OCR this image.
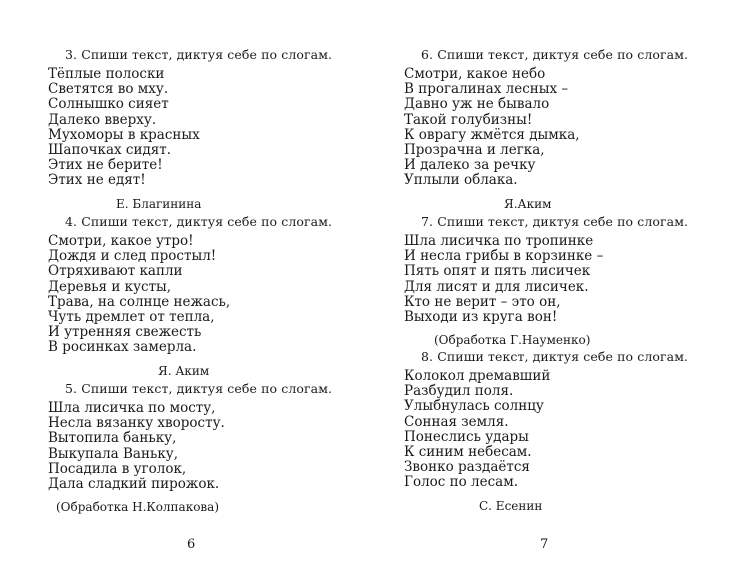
3. Спиши текст, диктуя себе по слогам.
Тёплые полоски
Светятся во мху.
Солнышко сияет
Далеко вверху.
Мухоморы в красных
Шапочках сидят.
Этих не берите!
Этих не едят!
Е. Благинина
4. Спиши текст, диктуя себе по слогам.
Смотри, какое утро!
Дождя и след простыл!
Отряхивают капли
Деревья и кусты,
Трава, на солнце нежась,
Чуть дремлет от тепла,
И утренняя свежесть
В росинках замерла.
Я. Аким
5. Спиши текст, диктуя себе по слогам.
Шла лисичка по мосту,
Несла вязанку хворосту.
Вытопила баньку,
Выкупала Ваньку,
Посадила в уголок,
Дала сладкий пирожок.
(Обработка Н.Колпакова)
6
6. Спиши текст, диктуя себе по слогам.
Смотри, какое небо
В прогалинах лесных –
Давно уж не бывало
Такой голубизны!
К оврагу жмётся дымка,
Прозрачна и легка,
И далеко за речку
Уплыли облака.
Я.Аким
7. Спиши текст, диктуя себе по слогам.
Шла лисичка по тропинке
И несла грибы в корзинке –
Пять опят и пять лисичек
Для лисят и для лисичек.
Кто не верит – это он,
Выходи из круга вон!
(Обработка Г.Науменко)
8. Спиши текст, диктуя себе по слогам.
Колокол дремавший
Разбудил поля.
Улыбнулась солнцу
Сонная земля.
Понеслись удары
К синим небесам.
Звонко раздаётся
Голос по лесам.
С. Есенин
7
